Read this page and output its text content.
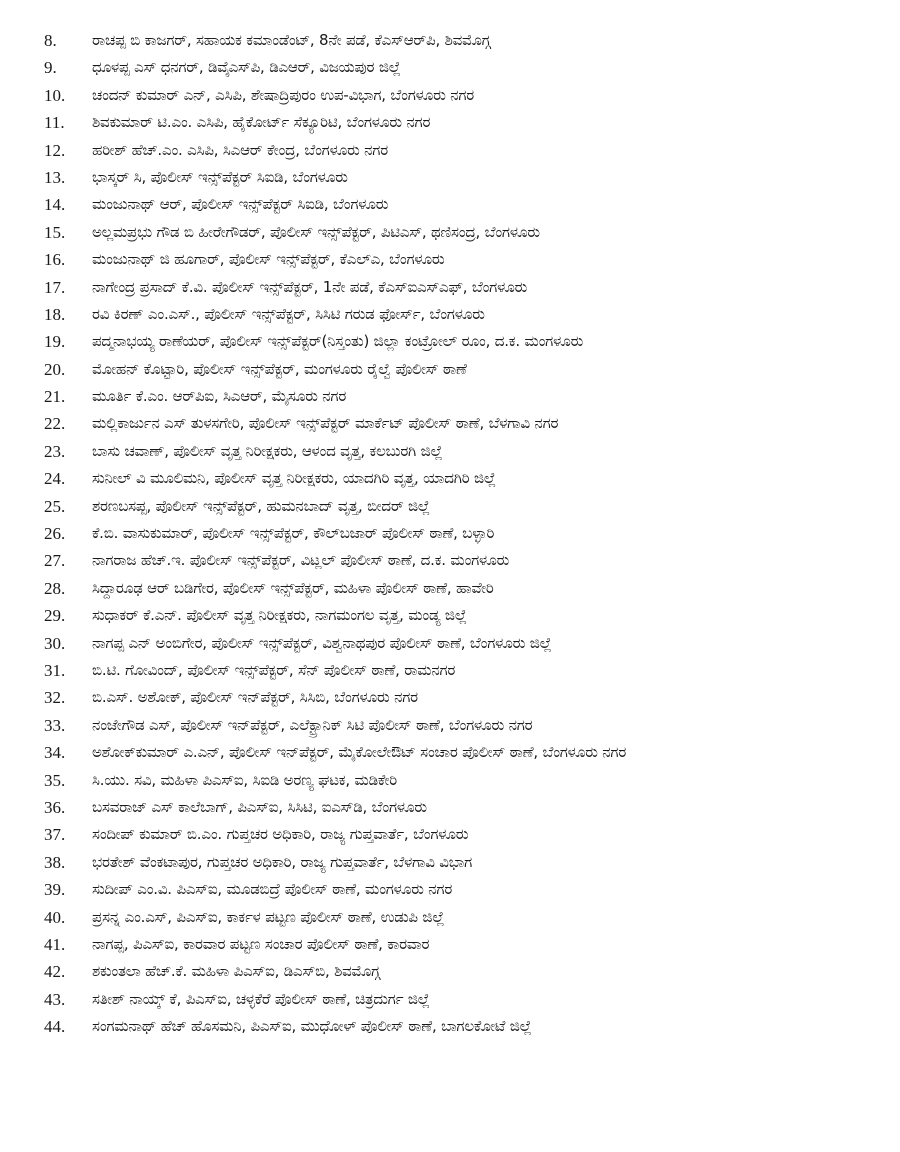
8.	ರಾಚಪ್ಪ ಬಿ ಕಾಜಗರ್, ಸಹಾಯಕ ಕಮಾಂಡೆಂಟ್, 8ನೇ ಪಡೆ, ಕೆಎಸ್‌ಆರ್‌ಪಿ, ಶಿವಮೊಗ್ಗ
9.	ಧೂಳಪ್ಪ ಎಸ್ ಧನಗರ್, ಡಿವೈಎಸ್‌ಪಿ, ಡಿಎಆರ್, ವಿಜಯಪುರ ಜಿಲ್ಲೆ
10.	ಚಂದನ್ ಕುಮಾರ್ ಎನ್, ಎಸಿಪಿ, ಶೇಷಾದ್ರಿಪುರಂ ಉಪ-ವಿಭಾಗ, ಬೆಂಗಳೂರು ನಗರ
11.	ಶಿವಕುಮಾರ್ ಟಿ.ಎಂ. ಎಸಿಪಿ, ಹೈಕೋರ್ಟ್ ಸೆಕ್ಯೂರಿಟಿ, ಬೆಂಗಳೂರು ನಗರ
12.	ಹರೀಶ್ ಹೆಚ್.ಎಂ. ಎಸಿಪಿ, ಸಿಎಆರ್ ಕೇಂದ್ರ, ಬೆಂಗಳೂರು ನಗರ
13.	ಭಾಸ್ಕರ್ ಸಿ, ಪೊಲೀಸ್ ಇನ್ಸ್‌ಪೆಕ್ಟರ್ ಸಿಐಡಿ, ಬೆಂಗಳೂರು
14.	ಮಂಜುನಾಥ್ ಆರ್, ಪೊಲೀಸ್ ಇನ್ಸ್‌ಪೆಕ್ಟರ್ ಸಿಐಡಿ, ಬೆಂಗಳೂರು
15.	ಅಲ್ಲಮಪ್ರಭು ಗೌಡ ಬಿ ಹೀರೇಗೌಡರ್, ಪೊಲೀಸ್ ಇನ್ಸ್‌ಪೆಕ್ಟರ್, ಪಿಟಿಎಸ್, ಥಣಿಸಂದ್ರ, ಬೆಂಗಳೂರು
16.	ಮಂಜುನಾಥ್ ಜಿ ಹೂಗಾರ್, ಪೊಲೀಸ್ ಇನ್ಸ್‌ಪೆಕ್ಟರ್, ಕೆಎಲ್‌ಎ, ಬೆಂಗಳೂರು
17.	ನಾಗೇಂದ್ರ ಪ್ರಸಾದ್ ಕೆ.ವಿ. ಪೊಲೀಸ್ ಇನ್ಸ್‌ಪೆಕ್ಟರ್, 1ನೇ ಪಡೆ, ಕೆಎಸ್‌ಐಎಸ್‌ಎಫ್, ಬೆಂಗಳೂರು
18.	ರವಿ ಕಿರಣ್ ಎಂ.ಎಸ್., ಪೊಲೀಸ್ ಇನ್ಸ್‌ಪೆಕ್ಟರ್, ಸಿಸಿಟಿ ಗರುಡ ಫೋರ್ಸ್, ಬೆಂಗಳೂರು
19.	ಪದ್ಮನಾಭಯ್ಯ ರಾಣೆಯರ್, ಪೊಲೀಸ್ ಇನ್ಸ್‌ಪೆಕ್ಟರ್(ನಿಸ್ತಂತು) ಜಿಲ್ಲಾ ಕಂಟ್ರೋಲ್ ರೂಂ, ದ.ಕ. ಮಂಗಳೂರು
20.	ಮೋಹನ್ ಕೊಟ್ಟಾರಿ, ಪೊಲೀಸ್ ಇನ್ಸ್‌ಪೆಕ್ಟರ್, ಮಂಗಳೂರು ರೈಲ್ವೆ ಪೊಲೀಸ್ ಠಾಣೆ
21.	ಮೂರ್ತಿ ಕೆ.ಎಂ. ಆರ್‌ಪಿಐ, ಸಿಎಆರ್, ಮೈಸೂರು ನಗರ
22.	ಮಲ್ಲಿಕಾರ್ಜುನ ಎಸ್ ತುಳಸಗೇರಿ, ಪೊಲೀಸ್ ಇನ್ಸ್‌ಪೆಕ್ಟರ್ ಮಾರ್ಕೆಟ್ ಪೊಲೀಸ್ ಠಾಣೆ, ಬೆಳಗಾವಿ ನಗರ
23.	ಬಾಸು ಚವಾಣ್, ಪೊಲೀಸ್ ವೃತ್ತ ನಿರೀಕ್ಷಕರು, ಆಳಂದ ವೃತ್ತ, ಕಲಬುರಗಿ ಜಿಲ್ಲೆ
24.	ಸುನೀಲ್ ವಿ ಮೂಲಿಮನಿ, ಪೊಲೀಸ್ ವೃತ್ತ ನಿರೀಕ್ಷಕರು, ಯಾದಗಿರಿ ವೃತ್ತ, ಯಾದಗಿರಿ ಜಿಲ್ಲೆ
25.	ಶರಣಬಸಪ್ಪ, ಪೊಲೀಸ್ ಇನ್ಸ್‌ಪೆಕ್ಟರ್, ಹುಮನಬಾದ್ ವೃತ್ತ, ಬೀದರ್ ಜಿಲ್ಲೆ
26.	ಕೆ.ಬಿ. ವಾಸುಕುಮಾರ್, ಪೊಲೀಸ್ ಇನ್ಸ್‌ಪೆಕ್ಟರ್, ಕೌಲ್‌ಬಜಾರ್ ಪೊಲೀಸ್ ಠಾಣೆ, ಬಳ್ಳಾರಿ
27.	ನಾಗರಾಜ ಹೆಚ್.ಇ. ಪೊಲೀಸ್ ಇನ್ಸ್‌ಪೆಕ್ಟರ್, ವಿಟ್ಲಲ್ ಪೊಲೀಸ್ ಠಾಣೆ, ದ.ಕ. ಮಂಗಳೂರು
28.	ಸಿದ್ದಾರೂಢ ಆರ್ ಬಡಿಗೇರ, ಪೊಲೀಸ್ ಇನ್ಸ್‌ಪೆಕ್ಟರ್, ಮಹಿಳಾ ಪೊಲೀಸ್ ಠಾಣೆ, ಹಾವೇರಿ
29.	ಸುಧಾಕರ್ ಕೆ.ಎನ್. ಪೊಲೀಸ್ ವೃತ್ತ ನಿರೀಕ್ಷಕರು, ನಾಗಮಂಗಲ ವೃತ್ತ, ಮಂಡ್ಯ ಜಿಲ್ಲೆ
30.	ನಾಗಪ್ಪ ಎನ್ ಅಂಬಿಗೇರ, ಪೊಲೀಸ್ ಇನ್ಸ್‌ಪೆಕ್ಟರ್, ವಿಶ್ವನಾಥಪುರ ಪೊಲೀಸ್ ಠಾಣೆ, ಬೆಂಗಳೂರು ಜಿಲ್ಲೆ
31.	ಬಿ.ಟಿ. ಗೋವಿಂದ್, ಪೊಲೀಸ್ ಇನ್ಸ್‌ಪೆಕ್ಟರ್, ಸೆನ್ ಪೊಲೀಸ್ ಠಾಣೆ, ರಾಮನಗರ
32.	ಬಿ.ಎಸ್. ಅಶೋಕ್, ಪೊಲೀಸ್ ಇನ್‌ಪೆಕ್ಟರ್, ಸಿಸಿಬಿ, ಬೆಂಗಳೂರು ನಗರ
33.	ನಂಜೇಗೌಡ ಎಸ್, ಪೊಲೀಸ್ ಇನ್‌ಪೆಕ್ಟರ್, ಎಲೆಕ್ಟ್ರಾನಿಕ್ ಸಿಟಿ ಪೊಲೀಸ್ ಠಾಣೆ, ಬೆಂಗಳೂರು ನಗರ
34.	ಅಶೋಕ್‌ಕುಮಾರ್ ಎ.ಎನ್, ಪೊಲೀಸ್ ಇನ್‌ಪೆಕ್ಟರ್, ಮೈಕೋಲೇಔಟ್ ಸಂಚಾರ ಪೊಲೀಸ್ ಠಾಣೆ, ಬೆಂಗಳೂರು ನಗರ
35.	ಸಿ.ಯು. ಸವಿ, ಮಹಿಳಾ ಪಿಎಸ್‌ಐ, ಸಿಐಡಿ ಅರಣ್ಯ ಘಟಕ, ಮಡಿಕೇರಿ
36.	ಬಸವರಾಜ್ ಎಸ್ ಕಾಲೆಬಾಗ್, ಪಿಎಸ್‌ಐ, ಸಿಸಿಟಿ, ಐಎಸ್‌ಡಿ, ಬೆಂಗಳೂರು
37.	ಸಂದೀಪ್ ಕುಮಾರ್ ಬಿ.ಎಂ. ಗುಪ್ತಚರ ಅಧಿಕಾರಿ, ರಾಜ್ಯ ಗುಪ್ತವಾರ್ತೆ, ಬೆಂಗಳೂರು
38.	ಭರತೇಶ್ ವೆಂಕಟಾಪುರ, ಗುಪ್ತಚರ ಅಧಿಕಾರಿ, ರಾಜ್ಯ ಗುಪ್ತವಾರ್ತೆ, ಬೆಳಗಾವಿ ವಿಭಾಗ
39.	ಸುದೀಪ್ ಎಂ.ವಿ. ಪಿಎಸ್‌ಐ, ಮೂಡಬಿದ್ರೆ ಪೊಲೀಸ್ ಠಾಣೆ, ಮಂಗಳೂರು ನಗರ
40.	ಪ್ರಸನ್ನ ಎಂ.ಎಸ್, ಪಿಎಸ್‌ಐ, ಕಾರ್ಕಳ ಪಟ್ಟಣ ಪೊಲೀಸ್ ಠಾಣೆ, ಉಡುಪಿ ಜಿಲ್ಲೆ
41.	ನಾಗಪ್ಪ, ಪಿಎಸ್‌ಐ, ಕಾರವಾರ ಪಟ್ಟಣ ಸಂಚಾರ ಪೊಲೀಸ್ ಠಾಣೆ, ಕಾರವಾರ
42.	ಶಕುಂತಲಾ ಹೆಚ್.ಕೆ. ಮಹಿಳಾ ಪಿಎಸ್‌ಐ, ಡಿಎಸ್‌ಬಿ, ಶಿವಮೊಗ್ಗ
43.	ಸತೀಶ್ ನಾಯ್ಕ್ ಕೆ, ಪಿಎಸ್‌ಐ, ಚಳ್ಳಕೆರೆ ಪೊಲೀಸ್ ಠಾಣೆ, ಚಿತ್ರದುರ್ಗ ಜಿಲ್ಲೆ
44.	ಸಂಗಮನಾಥ್ ಹೆಚ್ ಹೊಸಮನಿ, ಪಿಎಸ್‌ಐ, ಮುಧೋಳ್ ಪೊಲೀಸ್ ಠಾಣೆ, ಬಾಗಲಕೋಟೆ ಜಿಲ್ಲೆ
